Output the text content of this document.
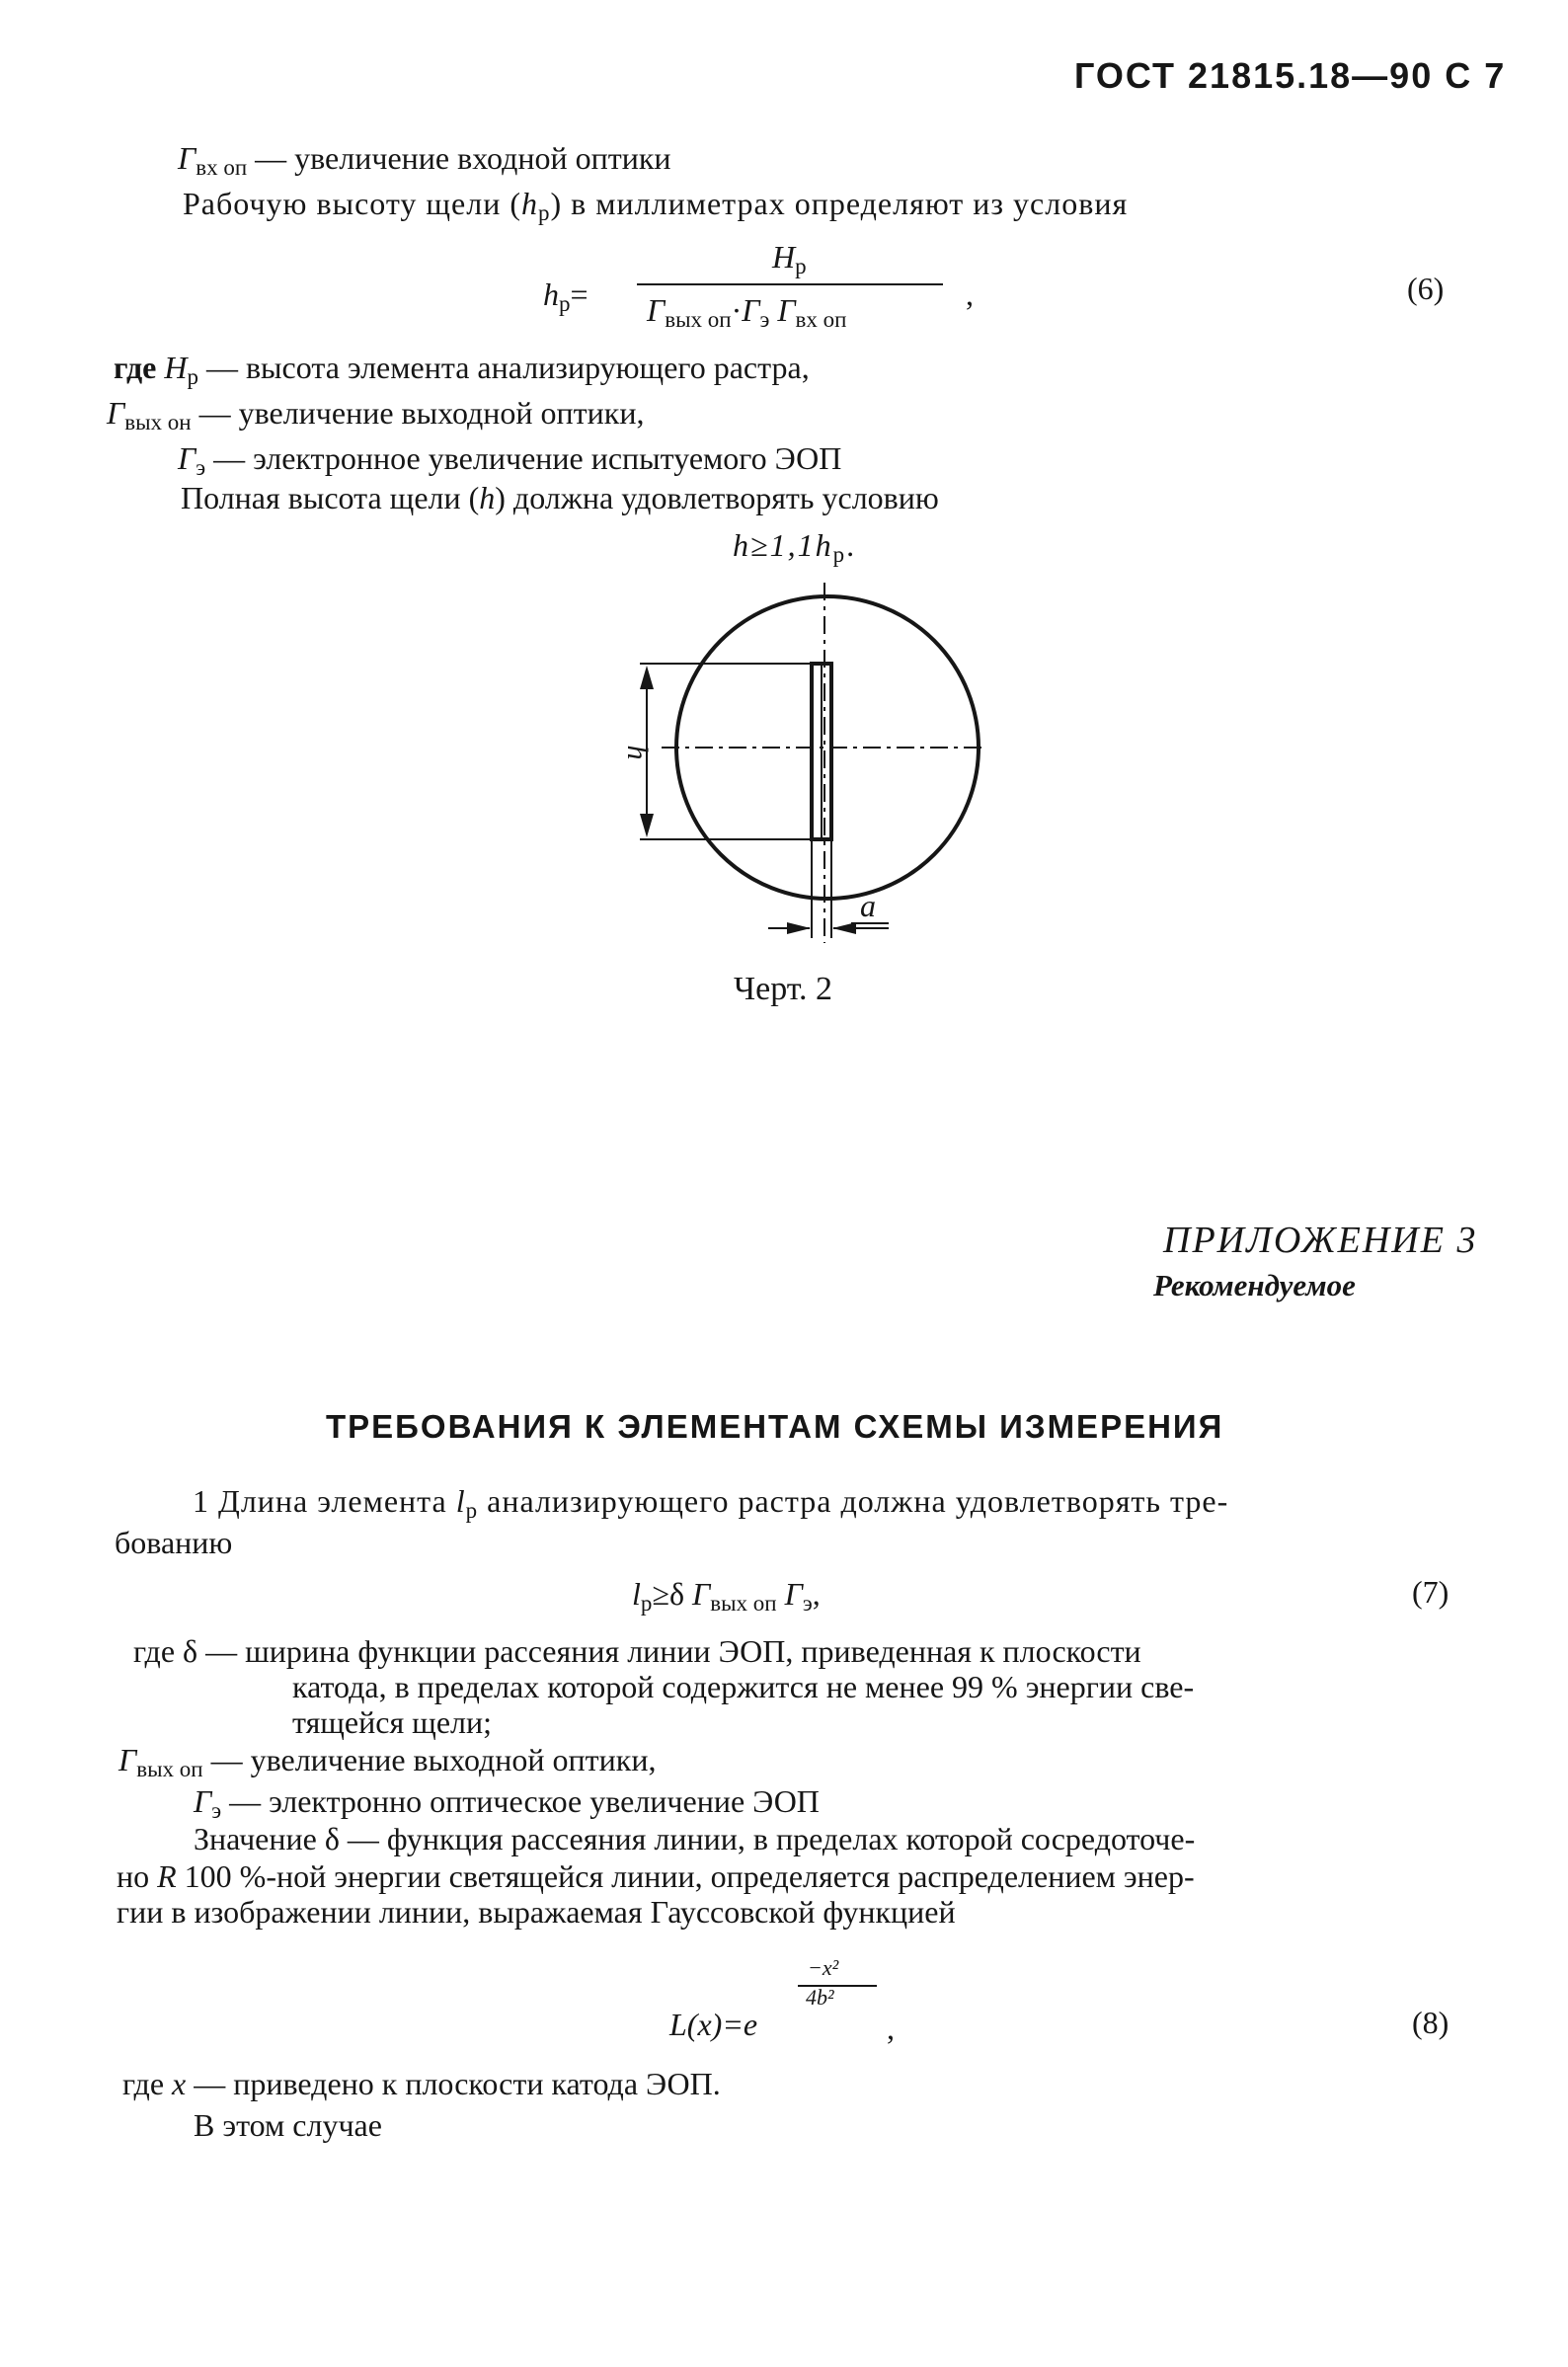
ГОСТ 21815.18—90 С 7
$Г_{вх оп}$ — увеличение входной оптики
Рабочую высоту щели $(h_р)$ в миллиметрах определяют из условия
$h_р=$
$H_р$
$Г_{вых оп}\cdot Г_э$ $Г_{вх оп}$
,	(6)
где $H_р$ — высота элемента анализирующего растра,
$Г_{вых он}$ — увеличение выходной оптики,
$Г_э$ — электронное увеличение испытуемого ЭОП
Полная высота щели (h) должна удовлетворять условию
$h\ge 1,1h_р$.
h
a
Черт. 2
ПРИЛОЖЕНИЕ 3
Рекомендуемое
ТРЕБОВАНИЯ К ЭЛЕМЕНТАМ СХЕМЫ ИЗМЕРЕНИЯ
1 Длина элемента $l_р$ анализирующего растра должна удовлетворять тре-
бованию
$l_р\ge\delta$ $Г_{вых оп}$ $Г_э$,	(7)
где δ — ширина функции рассеяния линии ЭОП, приведенная к плоскости
катода, в пределах которой содержится не менее 99 % энергии све-
тящейся щели;
$Г_{вых оп}$ — увеличение выходной оптики,
$Г_э$ — электронно оптическое увеличение ЭОП
Значение δ — функция рассеяния линии, в пределах которой сосредоточе-
но R 100 %-ной энергии светящейся линии, определяется распределением энер-
гии в изображении линии, выражаемая Гауссовской функцией
L(x)=e
−x²
4b²
,	(8)
где x — приведено к плоскости катода ЭОП.
В этом случае
